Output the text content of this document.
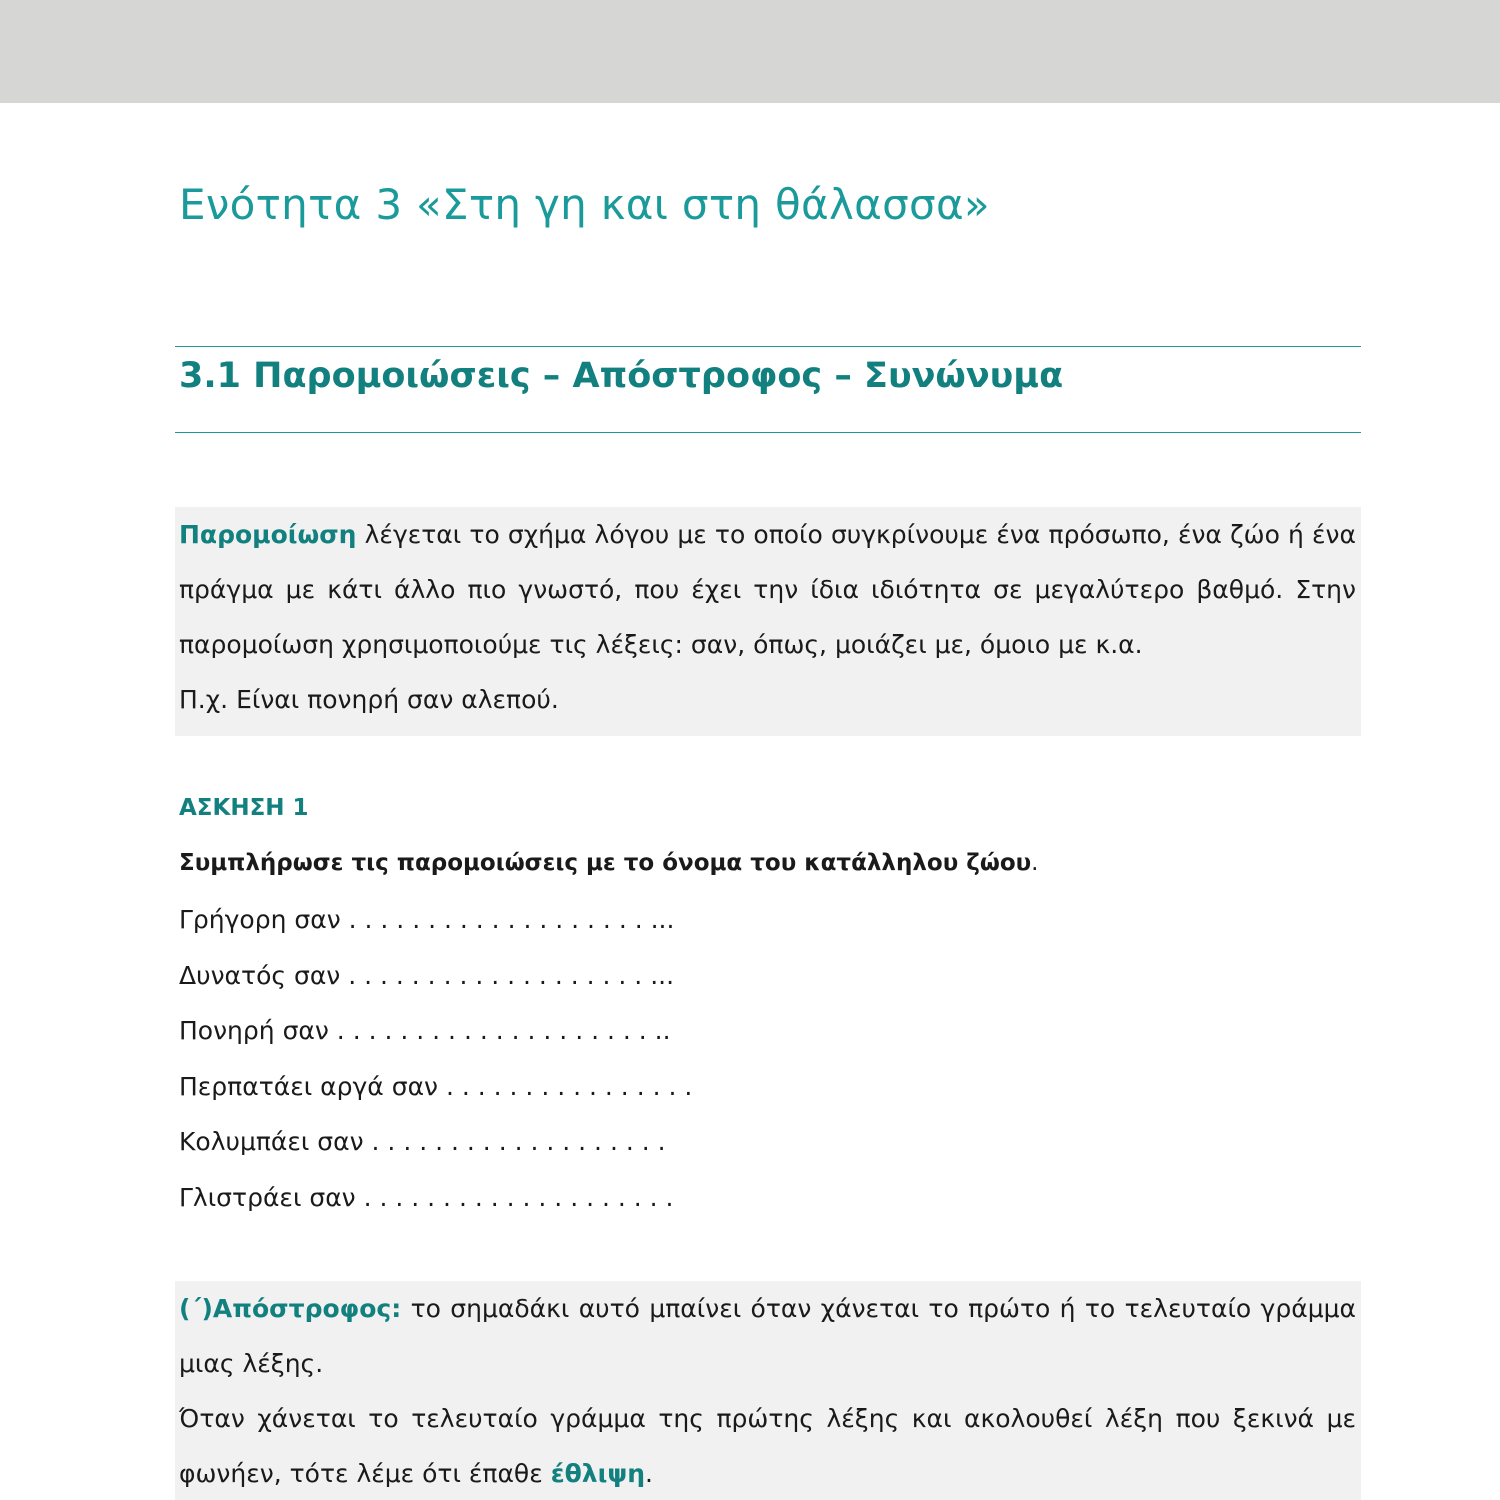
Ενότητα 3 «Στη γη και στη θάλασσα»
3.1 Παρομοιώσεις – Απόστροφος – Συνώνυμα

Παρομοίωση λέγεται το σχήμα λόγου με το οποίο συγκρίνουμε ένα πρόσωπο, ένα ζώο ή ένα πράγμα με κάτι άλλο πιο γνωστό, που έχει την ίδια ιδιότητα σε μεγαλύτερο βαθμό. Στην παρομοίωση χρησιμοποιούμε τις λέξεις: σαν, όπως, μοιάζει με, όμοιο με κ.α.

Π.χ. Είναι πονηρή σαν αλεπού.

ΑΣΚΗΣΗ 1

Συμπλήρωσε τις παρομοιώσεις με το όνομα του κατάλληλου ζώου.

Γρήγορη σαν . . . . . . . . . . . . . . . . . . . ...
Δυνατός σαν . . . . . . . . . . . . . . . . . . . ...
Πονηρή σαν . . . . . . . . . . . . . . . . . . . . ..
Περπατάει αργά σαν . . . . . . . . . . . . . . . .
Κολυμπάει σαν . . . . . . . . . . . . . . . . . . .
Γλιστράει σαν . . . . . . . . . . . . . . . . . . . .

(΄)Απόστροφος: το σημαδάκι αυτό μπαίνει όταν χάνεται το πρώτο ή το τελευταίο γράμμα μιας λέξης.

Όταν χάνεται το τελευταίο γράμμα της πρώτης λέξης και ακολουθεί λέξη που ξεκινά με φωνήεν, τότε λέμε ότι έπαθε έθλιψη.
